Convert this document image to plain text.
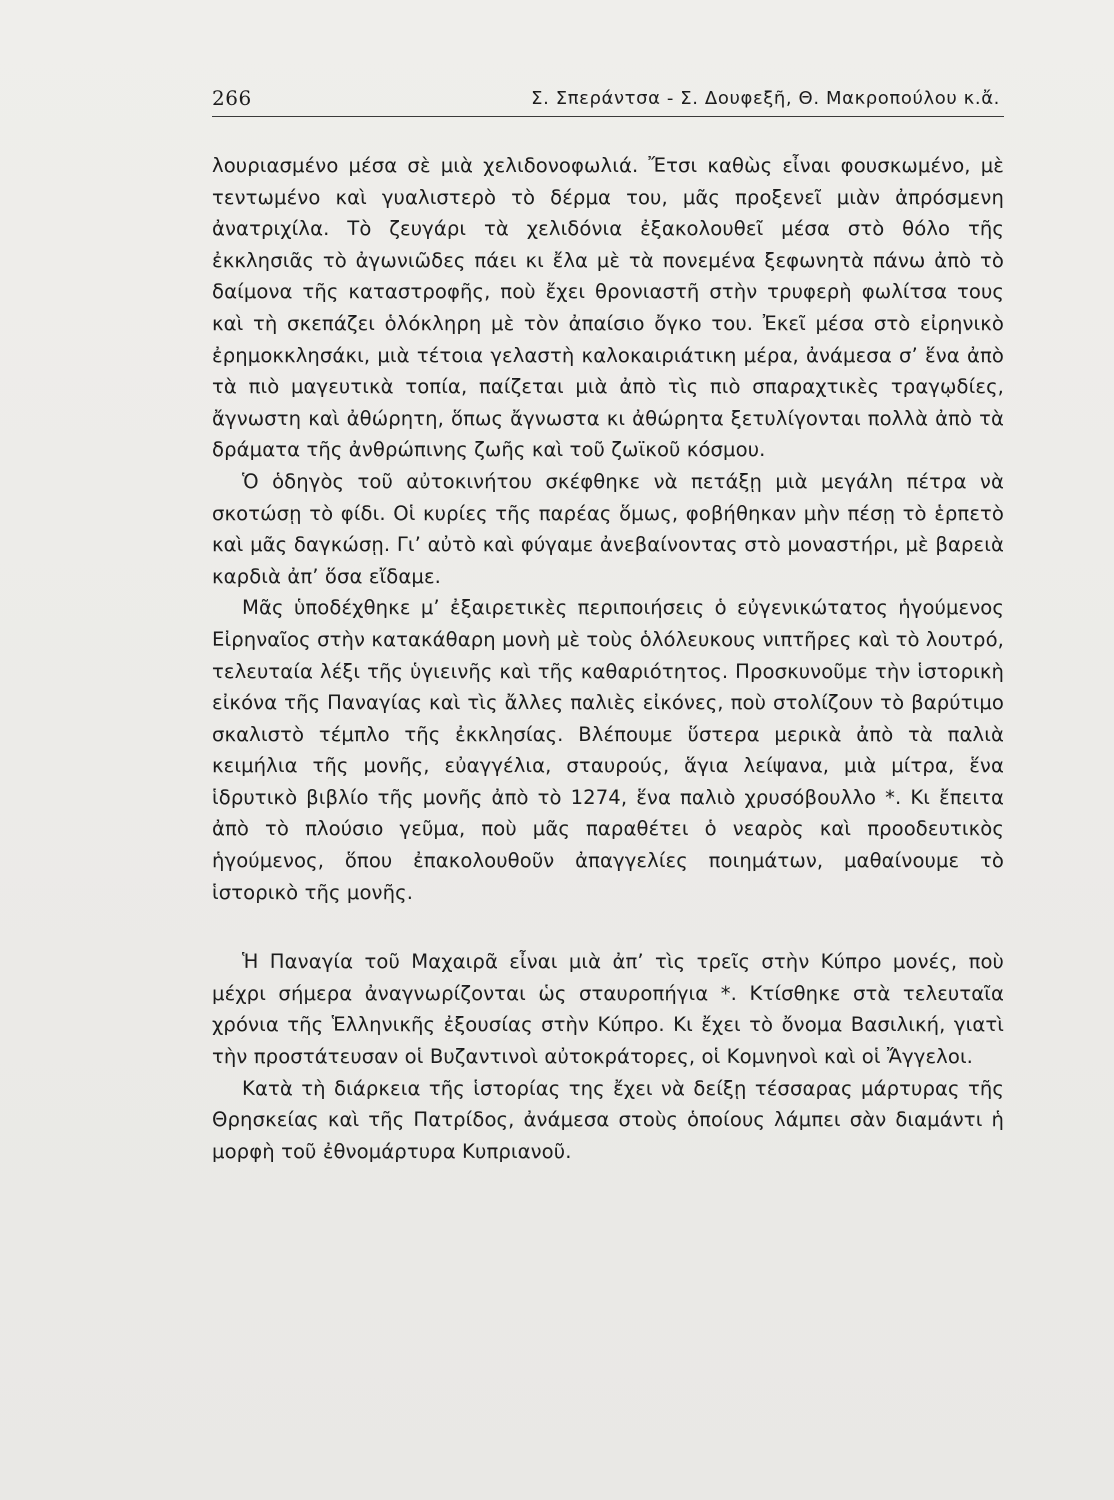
266	Σ. Σπεράντσα - Σ. Δουφεξῆ, Θ. Μακροπούλου κ.ἄ.

λουριασμένο μέσα σὲ μιὰ χελιδονοφωλιά. Ἔτσι καθὼς εἶναι φουσκωμένο, μὲ τεντωμένο καὶ γυαλιστερὸ τὸ δέρμα του, μᾶς προξενεῖ μιὰν ἀπρόσμενη ἀνατριχίλα. Τὸ ζευγάρι τὰ χελιδόνια ἐξακολουθεῖ μέσα στὸ θόλο τῆς ἐκκλησιᾶς τὸ ἀγωνιῶδες πάει κι ἔλα μὲ τὰ πονεμένα ξεφωνητὰ πάνω ἀπὸ τὸ δαίμονα τῆς καταστροφῆς, ποὺ ἔχει θρονιαστῆ στὴν τρυφερὴ φωλίτσα τους καὶ τὴ σκεπάζει ὁλόκληρη μὲ τὸν ἀπαίσιο ὄγκο του. Ἐκεῖ μέσα στὸ εἰρηνικὸ ἐρημοκκλησάκι, μιὰ τέτοια γελαστὴ καλοκαιριάτικη μέρα, ἀνάμεσα σ’ ἕνα ἀπὸ τὰ πιὸ μαγευτικὰ τοπία, παίζεται μιὰ ἀπὸ τὶς πιὸ σπαραχτικὲς τραγῳδίες, ἄγνωστη καὶ ἀθώρητη, ὅπως ἄγνωστα κι ἀθώρητα ξετυλίγονται πολλὰ ἀπὸ τὰ δράματα τῆς ἀνθρώπινης ζωῆς καὶ τοῦ ζωϊκοῦ κόσμου.

Ὁ ὁδηγὸς τοῦ αὐτοκινήτου σκέφθηκε νὰ πετάξῃ μιὰ μεγάλη πέτρα νὰ σκοτώσῃ τὸ φίδι. Οἱ κυρίες τῆς παρέας ὅμως, φοβήθηκαν μὴν πέσῃ τὸ ἑρπετὸ καὶ μᾶς δαγκώσῃ. Γι’ αὐτὸ καὶ φύγαμε ἀνεβαίνοντας στὸ μοναστήρι, μὲ βαρειὰ καρδιὰ ἀπ’ ὅσα εἴδαμε.

Μᾶς ὑποδέχθηκε μ’ ἐξαιρετικὲς περιποιήσεις ὁ εὐγενικώτατος ἡγούμενος Εἰρηναῖος στὴν κατακάθαρη μονὴ μὲ τοὺς ὁλόλευκους νιπτῆρες καὶ τὸ λουτρό, τελευταία λέξι τῆς ὑγιεινῆς καὶ τῆς καθαριότητος. Προσκυνοῦμε τὴν ἱστορικὴ εἰκόνα τῆς Παναγίας καὶ τὶς ἄλλες παλιὲς εἰκόνες, ποὺ στολίζουν τὸ βαρύτιμο σκαλιστὸ τέμπλο τῆς ἐκκλησίας. Βλέπουμε ὕστερα μερικὰ ἀπὸ τὰ παλιὰ κειμήλια τῆς μονῆς, εὐαγγέλια, σταυρούς, ἅγια λείψανα, μιὰ μίτρα, ἕνα ἱδρυτικὸ βιβλίο τῆς μονῆς ἀπὸ τὸ 1274, ἕνα παλιὸ χρυσόβουλλο *. Κι ἔπειτα ἀπὸ τὸ πλούσιο γεῦμα, ποὺ μᾶς παραθέτει ὁ νεαρὸς καὶ προοδευτικὸς ἡγούμενος, ὅπου ἐπακολουθοῦν ἀπαγγελίες ποιημάτων, μαθαίνουμε τὸ ἱστορικὸ τῆς μονῆς.

Ἡ Παναγία τοῦ Μαχαιρᾶ εἶναι μιὰ ἀπ’ τὶς τρεῖς στὴν Κύπρο μονές, ποὺ μέχρι σήμερα ἀναγνωρίζονται ὡς σταυροπήγια *. Κτίσθηκε στὰ τελευταῖα χρόνια τῆς Ἑλληνικῆς ἐξουσίας στὴν Κύπρο. Κι ἔχει τὸ ὄνομα Βασιλική, γιατὶ τὴν προστάτευσαν οἱ Βυζαντινοὶ αὐτοκράτορες, οἱ Κομνηνοὶ καὶ οἱ Ἄγγελοι.

Κατὰ τὴ διάρκεια τῆς ἱστορίας της ἔχει νὰ δείξῃ τέσσαρας μάρτυρας τῆς Θρησκείας καὶ τῆς Πατρίδος, ἀνάμεσα στοὺς ὁποίους λάμπει σὰν διαμάντι ἡ μορφὴ τοῦ ἐθνομάρτυρα Κυπριανοῦ.
